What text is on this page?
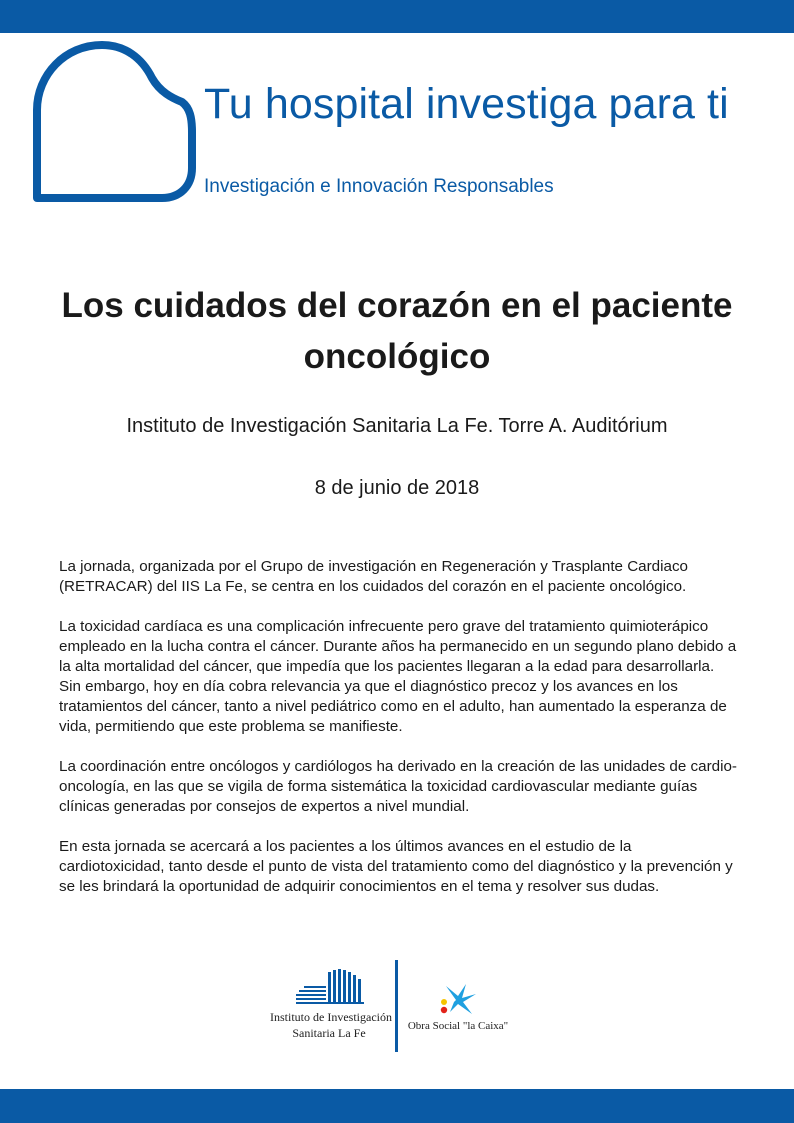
Tu hospital investiga para ti
Investigación e Innovación Responsables
Los cuidados del corazón en el paciente oncológico
Instituto de Investigación Sanitaria La Fe. Torre A. Auditórium
8 de junio de 2018

La jornada, organizada por el Grupo de investigación en Regeneración y Trasplante Cardiaco (RETRACAR) del IIS La Fe, se centra en los cuidados del corazón en el paciente oncológico.

La toxicidad cardíaca es una complicación infrecuente pero grave del tratamiento quimioterápico empleado en la lucha contra el cáncer. Durante años ha permanecido en un segundo plano debido a la alta mortalidad del cáncer, que impedía que los pacientes llegaran a la edad para desarrollarla. Sin embargo, hoy en día cobra relevancia ya que el diagnóstico precoz y los avances en los tratamientos del cáncer, tanto a nivel pediátrico como en el adulto, han aumentado la esperanza de vida, permitiendo que este problema se manifieste.

La coordinación entre oncólogos y cardiólogos ha derivado en la creación de las unidades de cardio-oncología, en las que se vigila de forma sistemática la toxicidad cardiovascular mediante guías clínicas generadas por consejos de expertos a nivel mundial.

En esta jornada se acercará a los pacientes a los últimos avances en el estudio de la cardiotoxicidad, tanto desde el punto de vista del tratamiento como del diagnóstico y la prevención y se les brindará la oportunidad de adquirir conocimientos en el tema y resolver sus dudas.

Instituto de Investigación
Sanitaria La Fe	Obra Social "la Caixa"
